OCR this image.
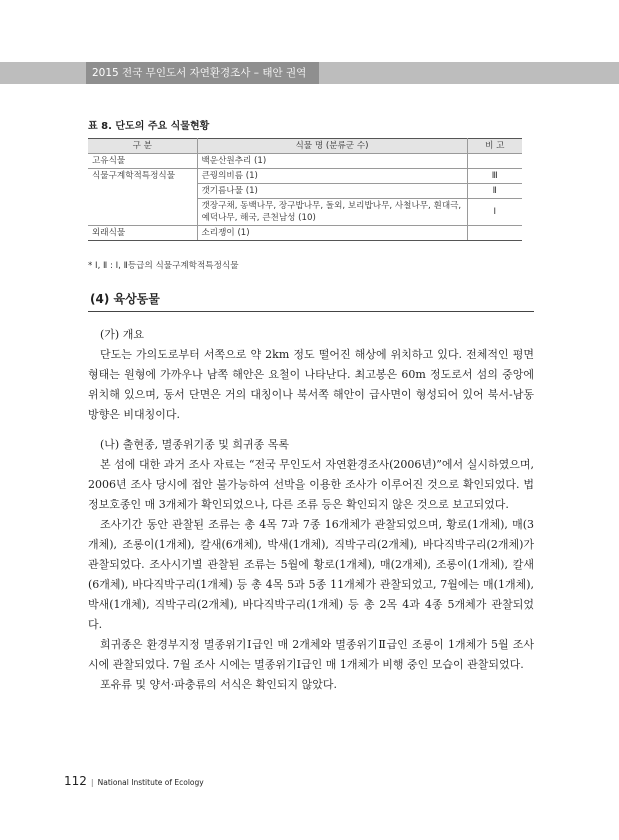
2015 전국 무인도서 자연환경조사 – 태안 권역
표 8. 단도의 주요 식물현황
구 분	식물 명 (분류군 수)	비 고
고유식물	백운산원추리 (1)	
식물구계학적특정식물	큰꿩의비름 (1)	Ⅲ
	갯기름나물 (1)	Ⅱ
	갯장구채, 동백나무, 장구밥나무, 돌외, 보리밥나무, 사철나무, 흰대극, 예덕나무, 해국, 큰천남성 (10)	Ⅰ
외래식물	소리쟁이 (1)	
* Ⅰ, Ⅱ : Ⅰ, Ⅱ등급의 식물구계학적특정식물
(4) 육상동물

(가) 개요

단도는 가의도로부터 서쪽으로 약 2km 정도 떨어진 해상에 위치하고 있다. 전체적인 평면 형태는 원형에 가까우나 남쪽 해안은 요철이 나타난다. 최고봉은 60m 정도로서 섬의 중앙에 위치해 있으며, 동서 단면은 거의 대칭이나 북서쪽 해안이 급사면이 형성되어 있어 북서-남동 방향은 비대칭이다.

(나) 출현종, 멸종위기종 및 희귀종 목록

본 섬에 대한 과거 조사 자료는 “전국 무인도서 자연환경조사(2006년)”에서 실시하였으며, 2006년 조사 당시에 접안 불가능하여 선박을 이용한 조사가 이루어진 것으로 확인되었다. 법정보호종인 매 3개체가 확인되었으나, 다른 조류 등은 확인되지 않은 것으로 보고되었다.

조사기간 동안 관찰된 조류는 총 4목 7과 7종 16개체가 관찰되었으며, 황로(1개체), 매(3개체), 조롱이(1개체), 칼새(6개체), 박새(1개체), 직박구리(2개체), 바다직박구리(2개체)가 관찰되었다. 조사시기별 관찰된 조류는 5월에 황로(1개체), 매(2개체), 조롱이(1개체), 칼새(6개체), 바다직박구리(1개체) 등 총 4목 5과 5종 11개체가 관찰되었고, 7월에는 매(1개체), 박새(1개체), 직박구리(2개체), 바다직박구리(1개체) 등 총 2목 4과 4종 5개체가 관찰되었다.

희귀종은 환경부지정 멸종위기Ⅰ급인 매 2개체와 멸종위기Ⅱ급인 조롱이 1개체가 5월 조사 시에 관찰되었다. 7월 조사 시에는 멸종위기Ⅰ급인 매 1개체가 비행 중인 모습이 관찰되었다.

포유류 및 양서·파충류의 서식은 확인되지 않았다.

112 | National Institute of Ecology
